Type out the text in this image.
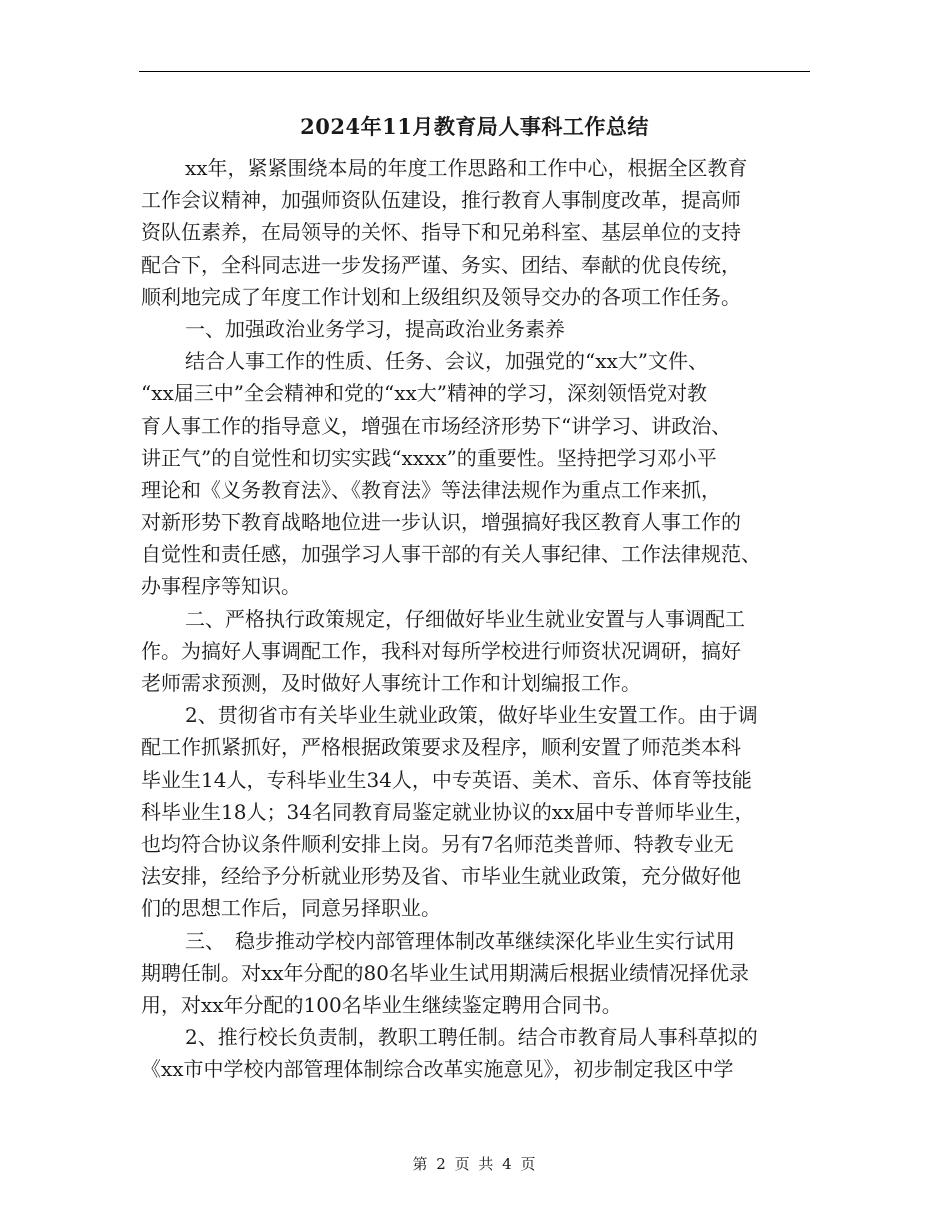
2024年11月教育局人事科工作总结
xx年，紧紧围绕本局的年度工作思路和工作中心，根据全区教育
工作会议精神，加强师资队伍建设，推行教育人事制度改革，提高师
资队伍素养，在局领导的关怀、指导下和兄弟科室、基层单位的支持
配合下，全科同志进一步发扬严谨、务实、团结、奉献的优良传统，
顺利地完成了年度工作计划和上级组织及领导交办的各项工作任务。
一、加强政治业务学习，提高政治业务素养
结合人事工作的性质、任务、会议，加强党的“xx大”文件、
“xx届三中”全会精神和党的“xx大”精神的学习，深刻领悟党对教
育人事工作的指导意义，增强在市场经济形势下“讲学习、讲政治、
讲正气”的自觉性和切实实践“xxxx”的重要性。坚持把学习邓小平
理论和《义务教育法》、《教育法》等法律法规作为重点工作来抓，
对新形势下教育战略地位进一步认识，增强搞好我区教育人事工作的
自觉性和责任感，加强学习人事干部的有关人事纪律、工作法律规范、
办事程序等知识。
二、严格执行政策规定，仔细做好毕业生就业安置与人事调配工
作。为搞好人事调配工作，我科对每所学校进行师资状况调研，搞好
老师需求预测，及时做好人事统计工作和计划编报工作。
2、贯彻省市有关毕业生就业政策，做好毕业生安置工作。由于调
配工作抓紧抓好，严格根据政策要求及程序，顺利安置了师范类本科
毕业生14人，专科毕业生34人，中专英语、美术、音乐、体育等技能
科毕业生18人；34名同教育局鉴定就业协议的xx届中专普师毕业生，
也均符合协议条件顺利安排上岗。另有7名师范类普师、特教专业无
法安排，经给予分析就业形势及省、市毕业生就业政策，充分做好他
们的思想工作后，同意另择职业。
三、　稳步推动学校内部管理体制改革继续深化毕业生实行试用
期聘任制。对xx年分配的80名毕业生试用期满后根据业绩情况择优录
用，对xx年分配的100名毕业生继续鉴定聘用合同书。
2、推行校长负责制，教职工聘任制。结合市教育局人事科草拟的
《xx市中学校内部管理体制综合改革实施意见》，初步制定我区中学
第 2 页 共 4 页
